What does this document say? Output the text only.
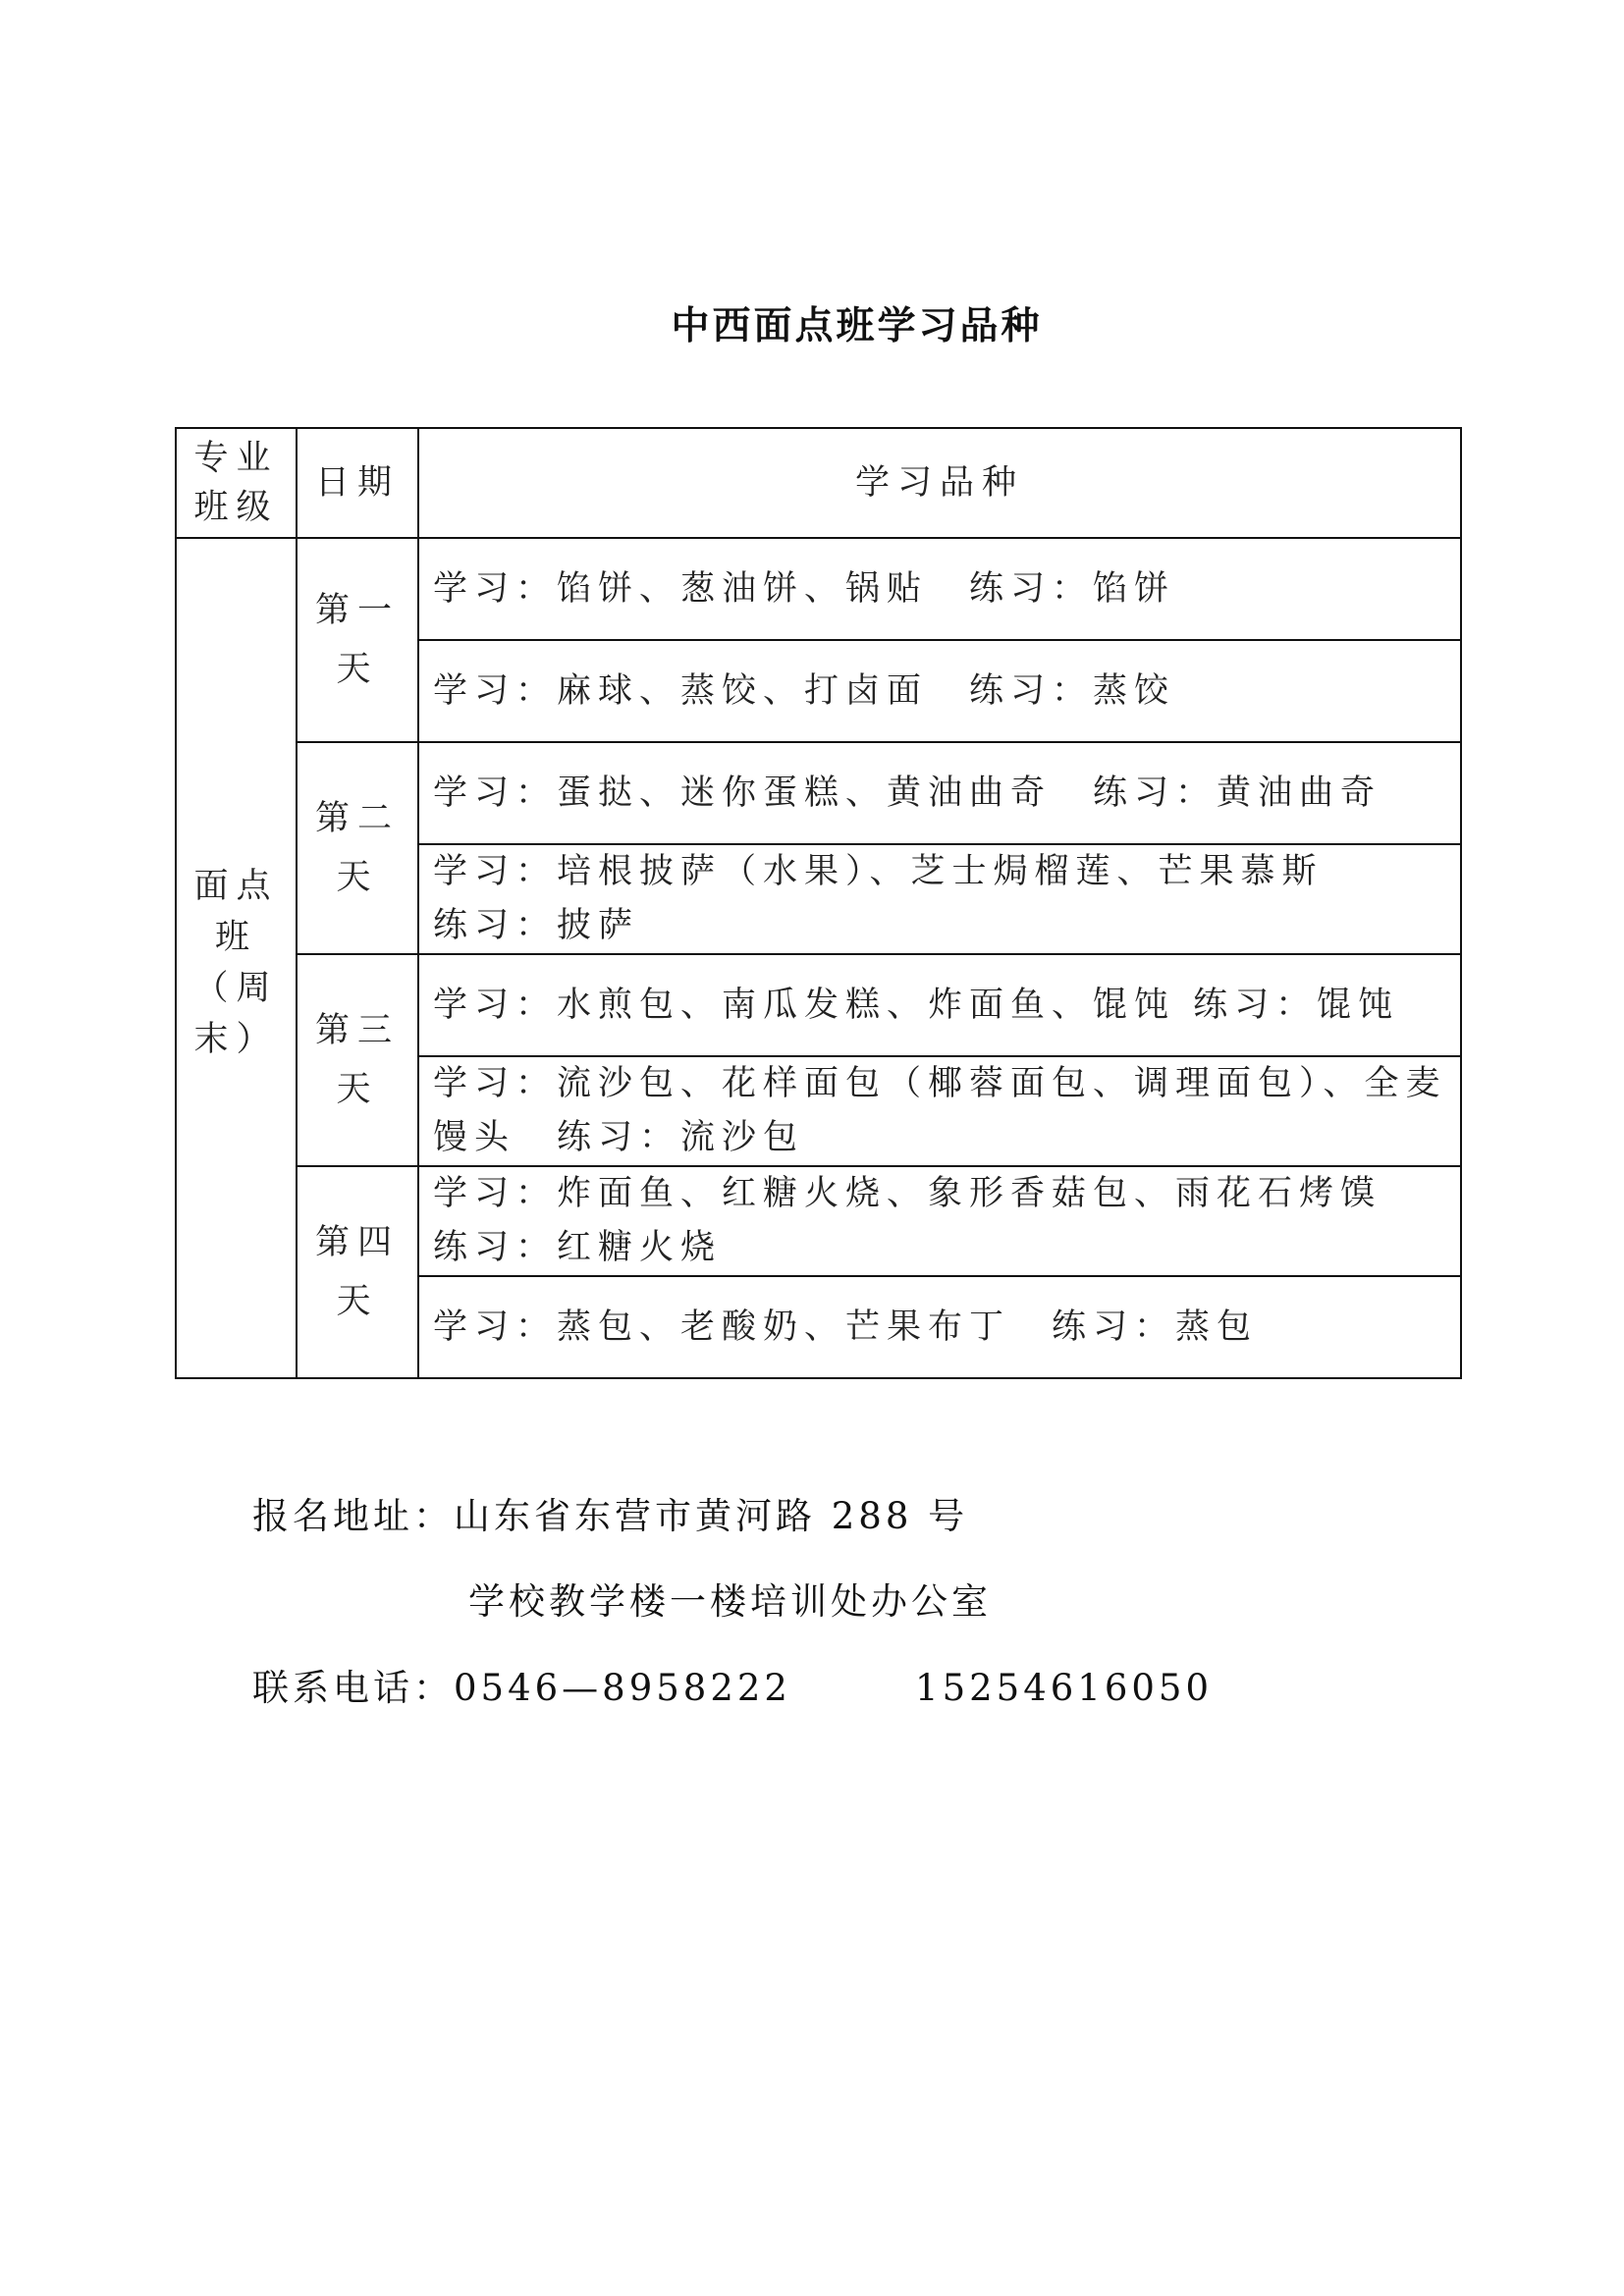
中西面点班学习品种
专业班级	日期	学习品种
面点班（周末）	第一天	学习：馅饼、葱油饼、锅贴　练习：馅饼
		学习：麻球、蒸饺、打卤面　练习：蒸饺
	第二天	学习：蛋挞、迷你蛋糕、黄油曲奇　练习：黄油曲奇
		学习：培根披萨（水果）、芝士焗榴莲、芒果慕斯
练习：披萨
	第三天	学习：水煎包、南瓜发糕、炸面鱼、馄饨 练习：馄饨
		学习：流沙包、花样面包（椰蓉面包、调理面包）、全麦馒头　练习：流沙包
	第四天	学习：炸面鱼、红糖火烧、象形香菇包、雨花石烤馍
练习：红糖火烧
		学习：蒸包、老酸奶、芒果布丁　练习：蒸包
报名地址：山东省东营市黄河路 288 号
学校教学楼一楼培训处办公室
联系电话：0546—8958222        15254616050
